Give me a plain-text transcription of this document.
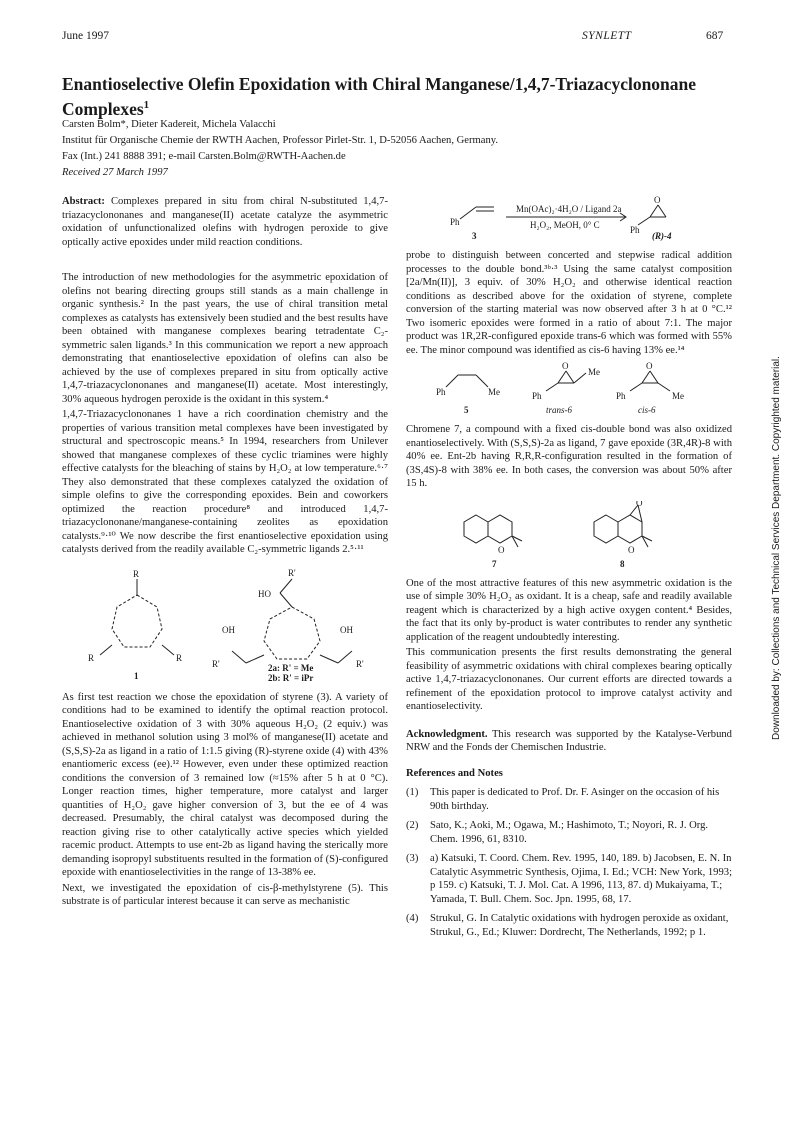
June 1997	SYNLETT	687
Enantioselective Olefin Epoxidation with Chiral Manganese/1,4,7-Triazacyclononane Complexes$^1$
Carsten Bolm*, Dieter Kadereit, Michela Valacchi
Institut für Organische Chemie der RWTH Aachen, Professor Pirlet-Str. 1, D-52056 Aachen, Germany.
Fax (Int.) 241 8888 391; e-mail Carsten.Bolm@RWTH-Aachen.de
Received 27 March 1997

Abstract: Complexes prepared in situ from chiral N-substituted 1,4,7-triazacyclononanes and manganese(II) acetate catalyze the asymmetric oxidation of unfunctionalized olefins with hydrogen peroxide to give optically active epoxides under mild reaction conditions.

The introduction of new methodologies for the asymmetric epoxidation of olefins not bearing directing groups still stands as a main challenge in organic synthesis.² In the past years, the use of chiral transition metal complexes as catalysts has extensively been studied and the best results have been obtained with manganese complexes bearing tetradentate C₂-symmetric salen ligands.³ In this communication we report a new approach demonstrating that enantioselective epoxidation of olefins can also be achieved by the use of complexes prepared in situ from optically active 1,4,7-triazacyclononanes and manganese(II) acetate. Most interestingly, 30% aqueous hydrogen peroxide is the oxidant in this system.⁴

1,4,7-Triazacyclononanes 1 have a rich coordination chemistry and the properties of various transition metal complexes have been investigated by structural and spectroscopic means.⁵ In 1994, researchers from Unilever showed that manganese complexes of these cyclic triamines were highly effective catalysts for the bleaching of stains by H₂O₂ at low temperature.⁶·⁷ They also demonstrated that these complexes catalyzed the oxidation of simple olefins to give the corresponding epoxides. Bein and coworkers optimized the reaction procedure⁸ and introduced 1,4,7-triazacyclononane/manganese-containing zeolites as epoxidation catalysts.⁹·¹⁰ We now describe the first enantioselective epoxidation using catalysts derived from the readily available C₂-symmetric ligands 2.⁵·¹¹

R
R	R
1
R'
HO
OH	OH
R'	R'
2a: R' = Me
2b: R' = iPr

As first test reaction we chose the epoxidation of styrene (3). A variety of conditions had to be examined to identify the optimal reaction protocol. Enantioselective oxidation of 3 with 30% aqueous H₂O₂ (2 equiv.) was achieved in methanol solution using 3 mol% of manganese(II) acetate and (S,S,S)-2a as ligand in a ratio of 1:1.5 giving (R)-styrene oxide (4) with 43% enantiomeric excess (ee).¹² However, even under these optimized reaction conditions the conversion of 3 remained low (≈15% after 5 h at 0 °C). Longer reaction times, higher temperature, more catalyst and larger quantities of H₂O₂ gave higher conversion of 3, but the ee of 4 was decreased. Presumably, the chiral catalyst was decomposed during the reaction giving rise to other catalytically active species which yielded racemic product. Attempts to use ent-2b as ligand having the sterically more demanding isopropyl substituents resulted in the formation of (S)-configured epoxide with enantioselectivities in the range of 13-38% ee.

Next, we investigated the epoxidation of cis-β-methylstyrene (5). This substrate is of particular interest because it can serve as mechanistic

Ph
3
Mn(OAc)₂·4H₂O / Ligand 2a
H₂O₂, MeOH, 0° C	Ph
O
(R)-4

probe to distinguish between concerted and stepwise radical addition processes to the double bond.³ᵇ·³ Using the same catalyst composition [2a/Mn(II)], 3 equiv. of 30% H₂O₂ and otherwise identical reaction conditions as described above for the oxidation of styrene, complete conversion of the starting material was now observed after 3 h at 0 °C.¹² Two isomeric epoxides were formed in a ratio of about 7:1. The major product was 1R,2R-configured epoxide trans-6 which was formed with 55% ee. The minor compound was identified as cis-6 having 13% ee.¹⁴

Ph	Me
5
Ph
O
Me
trans-6
Ph
O
Me
cis-6

Chromene 7, a compound with a fixed cis-double bond was also oxidized enantioselectively. With (S,S,S)-2a as ligand, 7 gave epoxide (3R,4R)-8 with 40% ee. Ent-2b having R,R,R-configuration resulted in the formation of (3S,4S)-8 with 38% ee. In both cases, the conversion was about 50% after 15 h.

O
7
O
O
8

One of the most attractive features of this new asymmetric oxidation is the use of simple 30% H₂O₂ as oxidant. It is a cheap, safe and readily available reagent which is characterized by a high active oxygen content.⁴ Besides, the fact that its only by-product is water contributes to render any synthetic application of the reagent undoubtedly interesting.

This communication presents the first results demonstrating the general feasibility of asymmetric oxidations with chiral complexes bearing optically active 1,4,7-triazacyclononanes. Our current efforts are directed towards a refinement of the epoxidation protocol to improve catalyst activity and enantioselectivity.

Acknowledgment. This research was supported by the Katalyse-Verbund NRW and the Fonds der Chemischen Industrie.

References and Notes
(1)	This paper is dedicated to Prof. Dr. F. Asinger on the occasion of his 90th birthday.
(2)	Sato, K.; Aoki, M.; Ogawa, M.; Hashimoto, T.; Noyori, R. J. Org. Chem. 1996, 61, 8310.
(3)	a) Katsuki, T. Coord. Chem. Rev. 1995, 140, 189. b) Jacobsen, E. N. In Catalytic Asymmetric Synthesis, Ojima, I. Ed.; VCH: New York, 1993; p 159. c) Katsuki, T. J. Mol. Cat. A 1996, 113, 87. d) Mukaiyama, T.; Yamada, T. Bull. Chem. Soc. Jpn. 1995, 68, 17.
(4)	Strukul, G. In Catalytic oxidations with hydrogen peroxide as oxidant, Strukul, G., Ed.; Kluwer: Dordrecht, The Netherlands, 1992; p 1.
Downloaded by: Collections and Technical Services Department. Copyrighted material.
